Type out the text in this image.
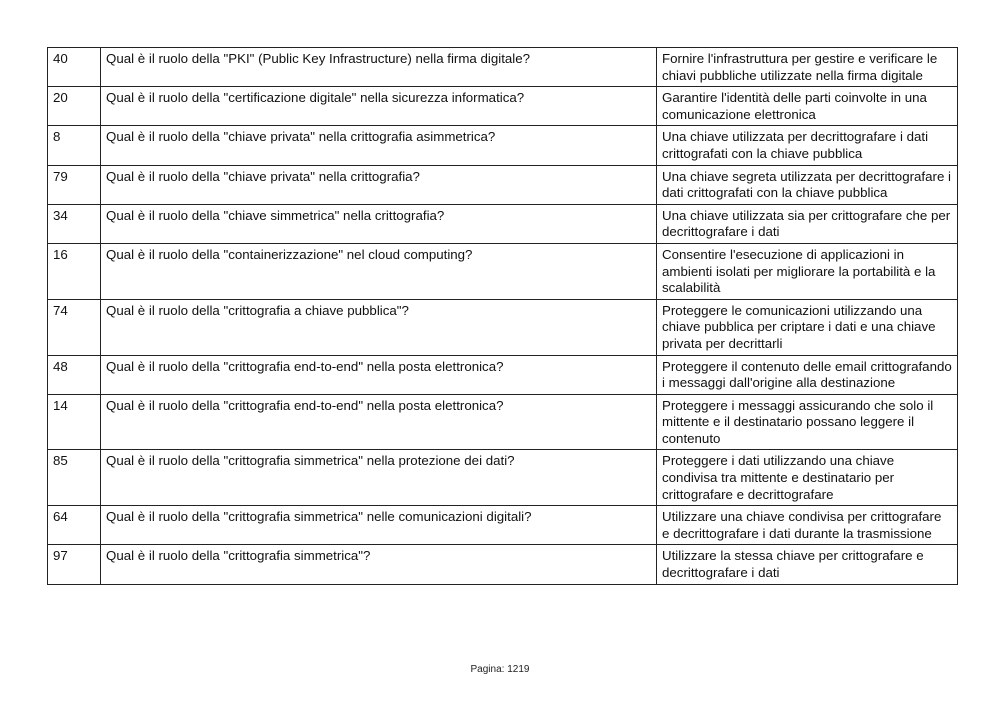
40	Qual è il ruolo della "PKI" (Public Key Infrastructure) nella firma digitale?	Fornire l'infrastruttura per gestire e verificare le chiavi pubbliche utilizzate nella firma digitale
20	Qual è il ruolo della "certificazione digitale" nella sicurezza informatica?	Garantire l'identità delle parti coinvolte in una comunicazione elettronica
8	Qual è il ruolo della "chiave privata" nella crittografia asimmetrica?	Una chiave utilizzata per decrittografare i dati crittografati con la chiave pubblica
79	Qual è il ruolo della "chiave privata" nella crittografia?	Una chiave segreta utilizzata per decrittografare i dati crittografati con la chiave pubblica
34	Qual è il ruolo della "chiave simmetrica" nella crittografia?	Una chiave utilizzata sia per crittografare che per decrittografare i dati
16	Qual è il ruolo della "containerizzazione" nel cloud computing?	Consentire l'esecuzione di applicazioni in ambienti isolati per migliorare la portabilità e la scalabilità
74	Qual è il ruolo della "crittografia a chiave pubblica"?	Proteggere le comunicazioni utilizzando una chiave pubblica per criptare i dati e una chiave privata per decrittarli
48	Qual è il ruolo della "crittografia end-to-end" nella posta elettronica?	Proteggere il contenuto delle email crittografando i messaggi dall'origine alla destinazione
14	Qual è il ruolo della "crittografia end-to-end" nella posta elettronica?	Proteggere i messaggi assicurando che solo il mittente e il destinatario possano leggere il contenuto
85	Qual è il ruolo della "crittografia simmetrica" nella protezione dei dati?	Proteggere i dati utilizzando una chiave condivisa tra mittente e destinatario per crittografare e decrittografare
64	Qual è il ruolo della "crittografia simmetrica" nelle comunicazioni digitali?	Utilizzare una chiave condivisa per crittografare e decrittografare i dati durante la trasmissione
97	Qual è il ruolo della "crittografia simmetrica"?	Utilizzare la stessa chiave per crittografare e decrittografare i dati
Pagina: 1219
